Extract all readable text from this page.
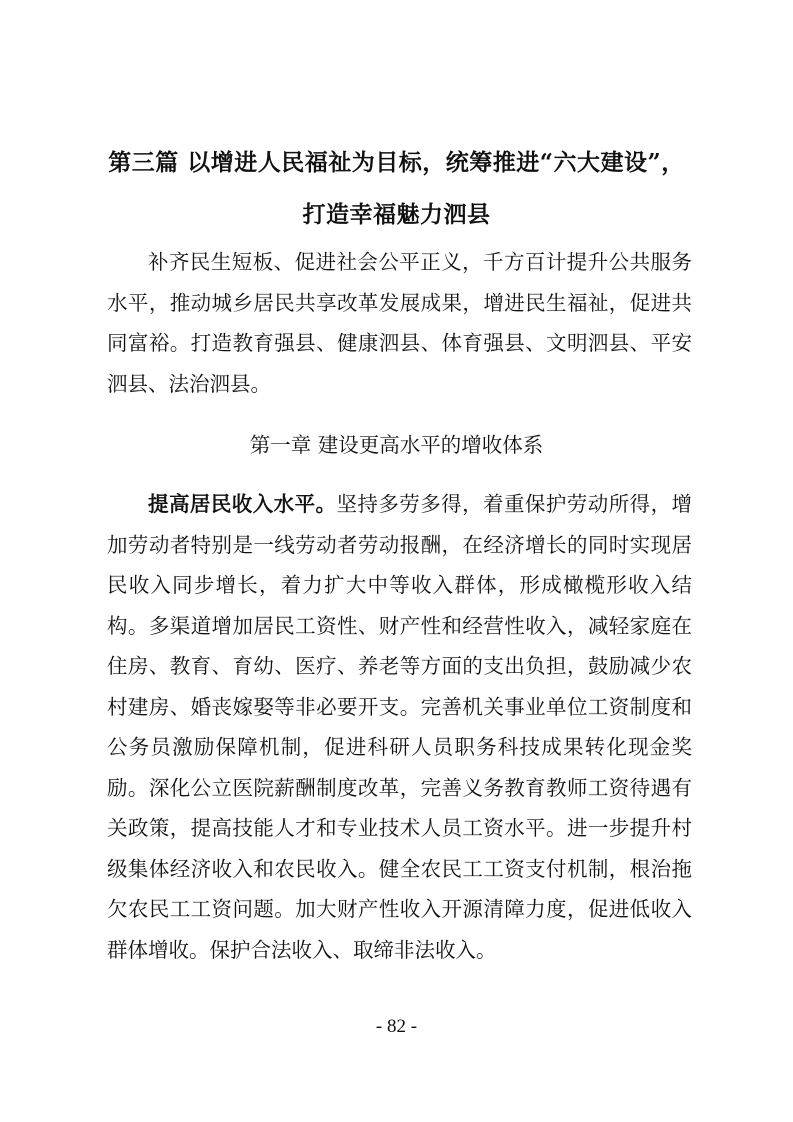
第三篇 以增进人民福祉为目标，统筹推进“六大建设”，
打造幸福魅力泗县

补齐民生短板、促进社会公平正义，千方百计提升公共服务水平，推动城乡居民共享改革发展成果，增进民生福祉，促进共同富裕。打造教育强县、健康泗县、体育强县、文明泗县、平安泗县、法治泗县。

第一章 建设更高水平的增收体系

提高居民收入水平。坚持多劳多得，着重保护劳动所得，增加劳动者特别是一线劳动者劳动报酬，在经济增长的同时实现居民收入同步增长，着力扩大中等收入群体，形成橄榄形收入结构。多渠道增加居民工资性、财产性和经营性收入，减轻家庭在住房、教育、育幼、医疗、养老等方面的支出负担，鼓励减少农村建房、婚丧嫁娶等非必要开支。完善机关事业单位工资制度和公务员激励保障机制，促进科研人员职务科技成果转化现金奖励。深化公立医院薪酬制度改革，完善义务教育教师工资待遇有关政策，提高技能人才和专业技术人员工资水平。进一步提升村级集体经济收入和农民收入。健全农民工工资支付机制，根治拖欠农民工工资问题。加大财产性收入开源清障力度，促进低收入群体增收。保护合法收入、取缔非法收入。

- 82 -
